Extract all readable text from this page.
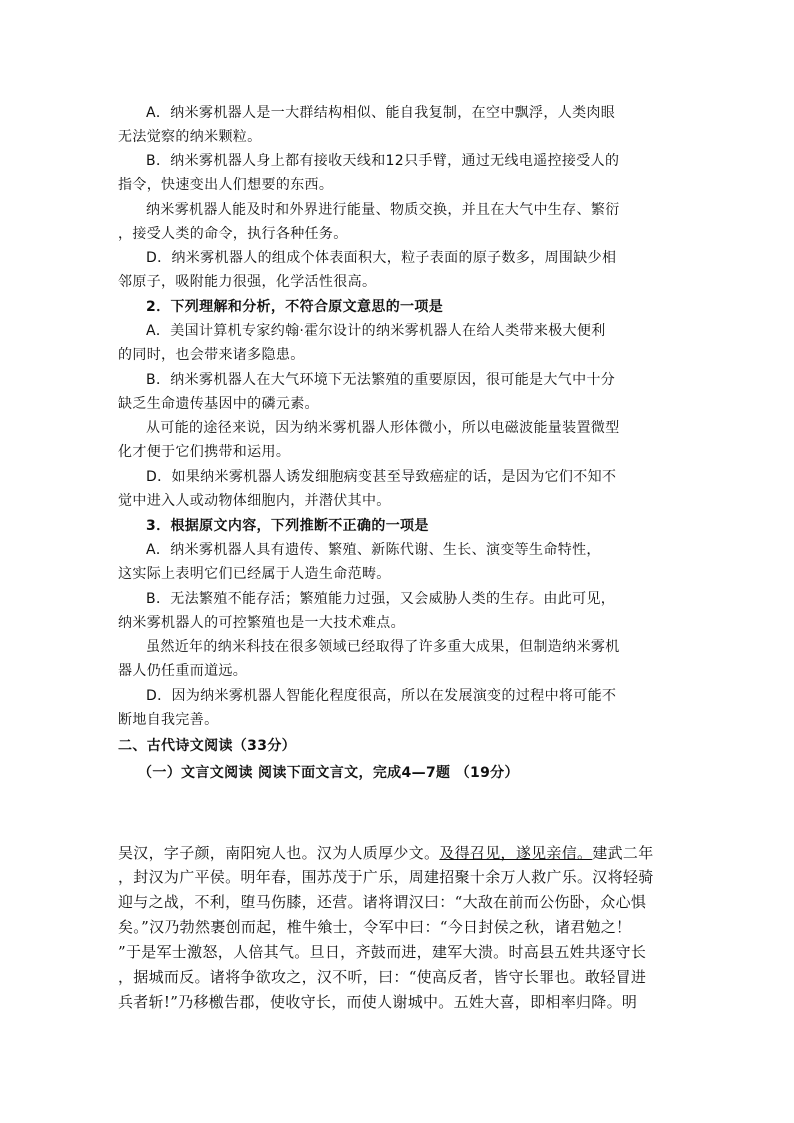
A．纳米雾机器人是一大群结构相似、能自我复制，在空中飘浮，人类肉眼
无法觉察的纳米颗粒。
B．纳米雾机器人身上都有接收天线和12只手臂，通过无线电遥控接受人的
指令，快速变出人们想要的东西。
纳米雾机器人能及时和外界进行能量、物质交换，并且在大气中生存、繁衍
，接受人类的命令，执行各种任务。
D．纳米雾机器人的组成个体表面积大，粒子表面的原子数多，周围缺少相
邻原子，吸附能力很强，化学活性很高。
2．下列理解和分析，不符合原文意思的一项是
A．美国计算机专家约翰·霍尔设计的纳米雾机器人在给人类带来极大便利
的同时，也会带来诸多隐患。
B．纳米雾机器人在大气环境下无法繁殖的重要原因，很可能是大气中十分
缺乏生命遗传基因中的磷元素。
从可能的途径来说，因为纳米雾机器人形体微小，所以电磁波能量装置微型
化才便于它们携带和运用。
D．如果纳米雾机器人诱发细胞病变甚至导致癌症的话，是因为它们不知不
觉中进入人或动物体细胞内，并潜伏其中。
3．根据原文内容，下列推断不正确的一项是
A．纳米雾机器人具有遗传、繁殖、新陈代谢、生长、演变等生命特性，
这实际上表明它们已经属于人造生命范畴。
B．无法繁殖不能存活；繁殖能力过强，又会威胁人类的生存。由此可见，
纳米雾机器人的可控繁殖也是一大技术难点。
虽然近年的纳米科技在很多领域已经取得了许多重大成果，但制造纳米雾机
器人仍任重而道远。
D．因为纳米雾机器人智能化程度很高，所以在发展演变的过程中将可能不
断地自我完善。
二、古代诗文阅读（33分）
（一）文言文阅读 阅读下面文言文，完成4—7题 （19分）
吴汉，字子颜，南阳宛人也。汉为人质厚少文。及得召见，遂见亲信。建武二年
，封汉为广平侯。明年春，围苏茂于广乐，周建招聚十余万人救广乐。汉将轻骑
迎与之战，不利，堕马伤膝，还营。诸将谓汉曰：“大敌在前而公伤卧，众心惧
矣。”汉乃勃然裹创而起，椎牛飨士，令军中曰：“今日封侯之秋，诸君勉之！
”于是军士激怒，人倍其气。旦日，齐鼓而进，建军大溃。时高县五姓共逐守长
，据城而反。诸将争欲攻之，汉不听，曰：“使高反者，皆守长罪也。敢轻冒进
兵者斩!”乃移檄告郡，使收守长，而使人谢城中。五姓大喜，即相率归降。明
